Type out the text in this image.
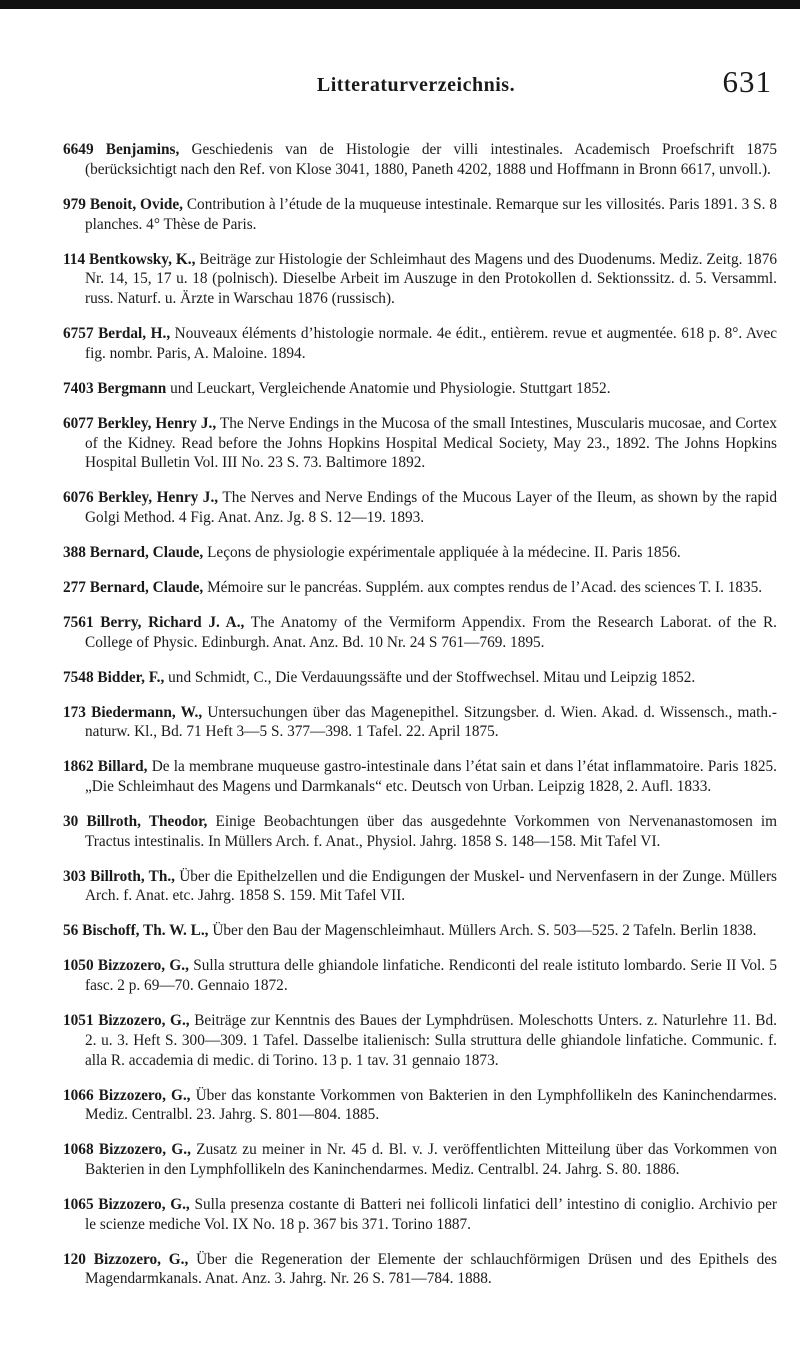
Litteraturverzeichnis.	631

6649 Benjamins, Geschiedenis van de Histologie der villi intestinales. Academisch Proefschrift 1875 (berücksichtigt nach den Ref. von Klose 3041, 1880, Paneth 4202, 1888 und Hoffmann in Bronn 6617, unvoll.).

979 Benoit, Ovide, Contribution à l’étude de la muqueuse intestinale. Remarque sur les villosités. Paris 1891. 3 S. 8 planches. 4° Thèse de Paris.

114 Bentkowsky, K., Beiträge zur Histologie der Schleimhaut des Magens und des Duodenums. Mediz. Zeitg. 1876 Nr. 14, 15, 17 u. 18 (polnisch). Dieselbe Arbeit im Auszuge in den Protokollen d. Sektionssitz. d. 5. Versamml. russ. Naturf. u. Ärzte in Warschau 1876 (russisch).

6757 Berdal, H., Nouveaux éléments d’histologie normale. 4e édit., entièrem. revue et augmentée. 618 p. 8°. Avec fig. nombr. Paris, A. Maloine. 1894.

7403 Bergmann und Leuckart, Vergleichende Anatomie und Physiologie. Stuttgart 1852.

6077 Berkley, Henry J., The Nerve Endings in the Mucosa of the small Intestines, Muscularis mucosae, and Cortex of the Kidney. Read before the Johns Hopkins Hospital Medical Society, May 23., 1892. The Johns Hopkins Hospital Bulletin Vol. III No. 23 S. 73. Baltimore 1892.

6076 Berkley, Henry J., The Nerves and Nerve Endings of the Mucous Layer of the Ileum, as shown by the rapid Golgi Method. 4 Fig. Anat. Anz. Jg. 8 S. 12—19. 1893.

388 Bernard, Claude, Leçons de physiologie expérimentale appliquée à la médecine. II. Paris 1856.

277 Bernard, Claude, Mémoire sur le pancréas. Supplém. aux comptes rendus de l’Acad. des sciences T. I. 1835.

7561 Berry, Richard J. A., The Anatomy of the Vermiform Appendix. From the Research Laborat. of the R. College of Physic. Edinburgh. Anat. Anz. Bd. 10 Nr. 24 S 761—769. 1895.

7548 Bidder, F., und Schmidt, C., Die Verdauungssäfte und der Stoffwechsel. Mitau und Leipzig 1852.

173 Biedermann, W., Untersuchungen über das Magenepithel. Sitzungsber. d. Wien. Akad. d. Wissensch., math.-naturw. Kl., Bd. 71 Heft 3—5 S. 377—398. 1 Tafel. 22. April 1875.

1862 Billard, De la membrane muqueuse gastro-intestinale dans l’état sain et dans l’état inflammatoire. Paris 1825. „Die Schleimhaut des Magens und Darmkanals“ etc. Deutsch von Urban. Leipzig 1828, 2. Aufl. 1833.

30 Billroth, Theodor, Einige Beobachtungen über das ausgedehnte Vorkommen von Nervenanastomosen im Tractus intestinalis. In Müllers Arch. f. Anat., Physiol. Jahrg. 1858 S. 148—158. Mit Tafel VI.

303 Billroth, Th., Über die Epithelzellen und die Endigungen der Muskel- und Nervenfasern in der Zunge. Müllers Arch. f. Anat. etc. Jahrg. 1858 S. 159. Mit Tafel VII.

56 Bischoff, Th. W. L., Über den Bau der Magenschleimhaut. Müllers Arch. S. 503—525. 2 Tafeln. Berlin 1838.

1050 Bizzozero, G., Sulla struttura delle ghiandole linfatiche. Rendiconti del reale istituto lombardo. Serie II Vol. 5 fasc. 2 p. 69—70. Gennaio 1872.

1051 Bizzozero, G., Beiträge zur Kenntnis des Baues der Lymphdrüsen. Moleschotts Unters. z. Naturlehre 11. Bd. 2. u. 3. Heft S. 300—309. 1 Tafel. Dasselbe italienisch: Sulla struttura delle ghiandole linfatiche. Communic. f. alla R. accademia di medic. di Torino. 13 p. 1 tav. 31 gennaio 1873.

1066 Bizzozero, G., Über das konstante Vorkommen von Bakterien in den Lymphfollikeln des Kaninchendarmes. Mediz. Centralbl. 23. Jahrg. S. 801—804. 1885.

1068 Bizzozero, G., Zusatz zu meiner in Nr. 45 d. Bl. v. J. veröffentlichten Mitteilung über das Vorkommen von Bakterien in den Lymphfollikeln des Kaninchendarmes. Mediz. Centralbl. 24. Jahrg. S. 80. 1886.

1065 Bizzozero, G., Sulla presenza costante di Batteri nei follicoli linfatici dell’ intestino di coniglio. Archivio per le scienze mediche Vol. IX No. 18 p. 367 bis 371. Torino 1887.

120 Bizzozero, G., Über die Regeneration der Elemente der schlauchförmigen Drüsen und des Epithels des Magendarmkanals. Anat. Anz. 3. Jahrg. Nr. 26 S. 781—784. 1888.
